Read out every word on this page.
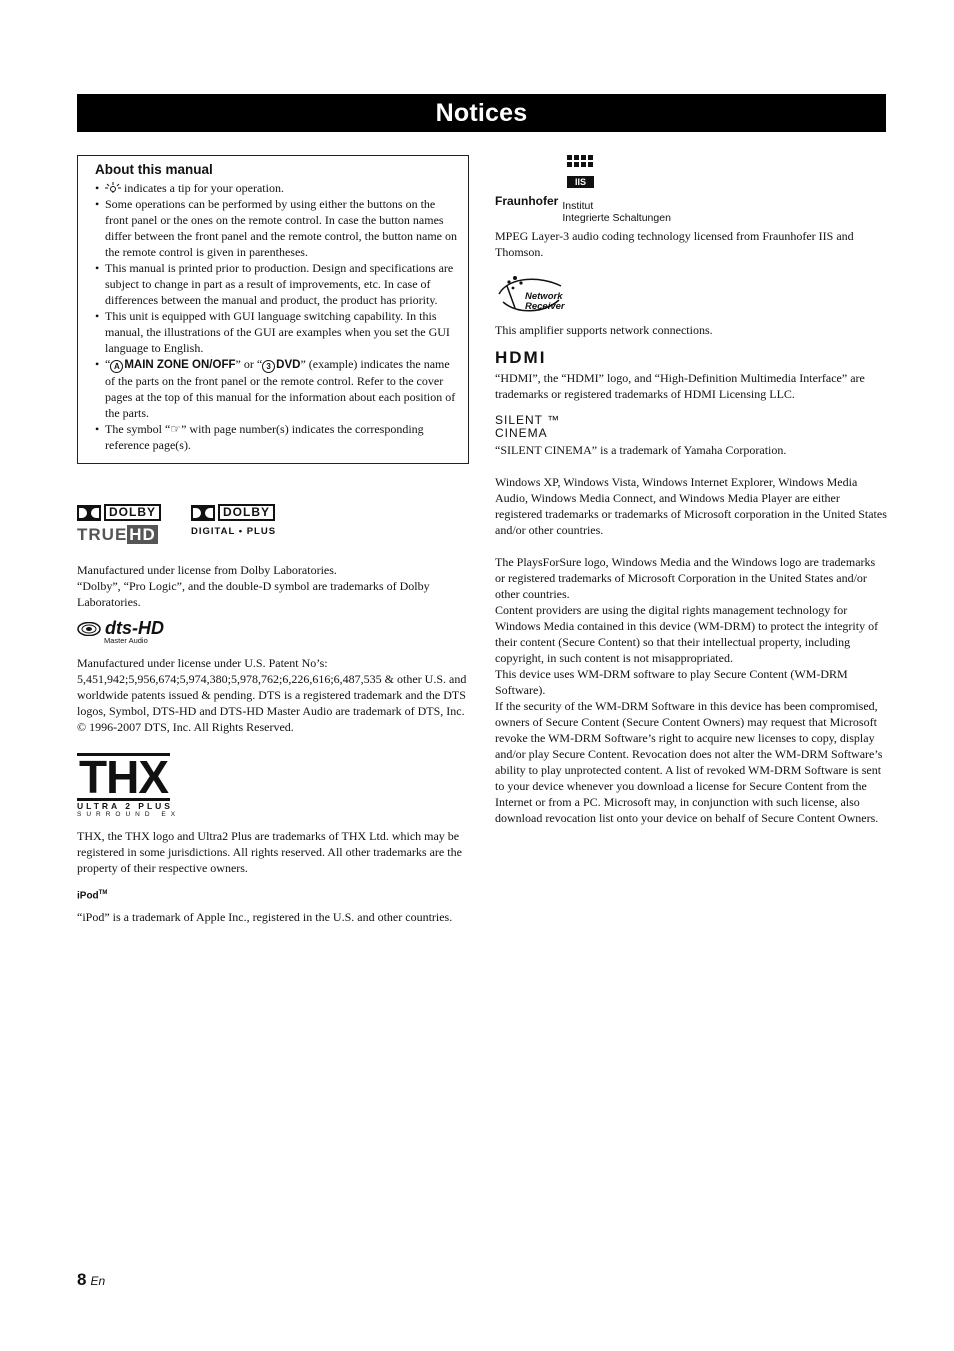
Notices
About this manual
• indicates a tip for your operation.
• Some operations can be performed by using either the buttons on the front panel or the ones on the remote control. In case the button names differ between the front panel and the remote control, the button name on the remote control is given in parentheses.
• This manual is printed prior to production. Design and specifications are subject to change in part as a result of improvements, etc. In case of differences between the manual and product, the product has priority.
• This unit is equipped with GUI language switching capability. In this manual, the illustrations of the GUI are examples when you set the GUI language to English.
• “ A MAIN ZONE ON/OFF” or “ 3 DVD” (example) indicates the name of the parts on the front panel or the remote control. Refer to the cover pages at the top of this manual for the information about each position of the parts.
• The symbol “☞” with page number(s) indicates the corresponding reference page(s).
DOLBY
TRUE HD
DOLBY
DIGITAL • PLUS

Manufactured under license from Dolby Laboratories.

“Dolby”, “Pro Logic”, and the double-D symbol are trademarks of Dolby Laboratories.

dts-HD
Master Audio

Manufactured under license under U.S. Patent No’s: 5,451,942;5,956,674;5,974,380;5,978,762;6,226,616;6,487,535 & other U.S. and worldwide patents issued & pending. DTS is a registered trademark and the DTS logos, Symbol, DTS-HD and DTS-HD Master Audio are trademark of DTS, Inc. © 1996-2007 DTS, Inc. All Rights Reserved.

THX
ULTRA 2 PLUS
SURROUND EX

THX, the THX logo and Ultra2 Plus are trademarks of THX Ltd. which may be registered in some jurisdictions. All rights reserved. All other trademarks are the property of their respective owners.

iPod™

“iPod” is a trademark of Apple Inc., registered in the U.S. and other countries.

IIS
Fraunhofer Institut
Integrierte Schaltungen

MPEG Layer-3 audio coding technology licensed from Fraunhofer IIS and Thomson.

Network
Receiver

This amplifier supports network connections.

HDMI

“HDMI”, the “HDMI” logo, and “High-Definition Multimedia Interface” are trademarks or registered trademarks of HDMI Licensing LLC.

SILENT ™
CINEMA

“SILENT CINEMA” is a trademark of Yamaha Corporation.

Windows XP, Windows Vista, Windows Internet Explorer, Windows Media Audio, Windows Media Connect, and Windows Media Player are either registered trademarks or trademarks of Microsoft corporation in the United States and/or other countries.

The PlaysForSure logo, Windows Media and the Windows logo are trademarks or registered trademarks of Microsoft Corporation in the United States and/or other countries.

Content providers are using the digital rights management technology for Windows Media contained in this device (WM-DRM) to protect the integrity of their content (Secure Content) so that their intellectual property, including copyright, in such content is not misappropriated.

This device uses WM-DRM software to play Secure Content (WM-DRM Software).

If the security of the WM-DRM Software in this device has been compromised, owners of Secure Content (Secure Content Owners) may request that Microsoft revoke the WM-DRM Software’s right to acquire new licenses to copy, display and/or play Secure Content. Revocation does not alter the WM-DRM Software’s ability to play unprotected content. A list of revoked WM-DRM Software is sent to your device whenever you download a license for Secure Content from the Internet or from a PC. Microsoft may, in conjunction with such license, also download revocation list onto your device on behalf of Secure Content Owners.

8 En
